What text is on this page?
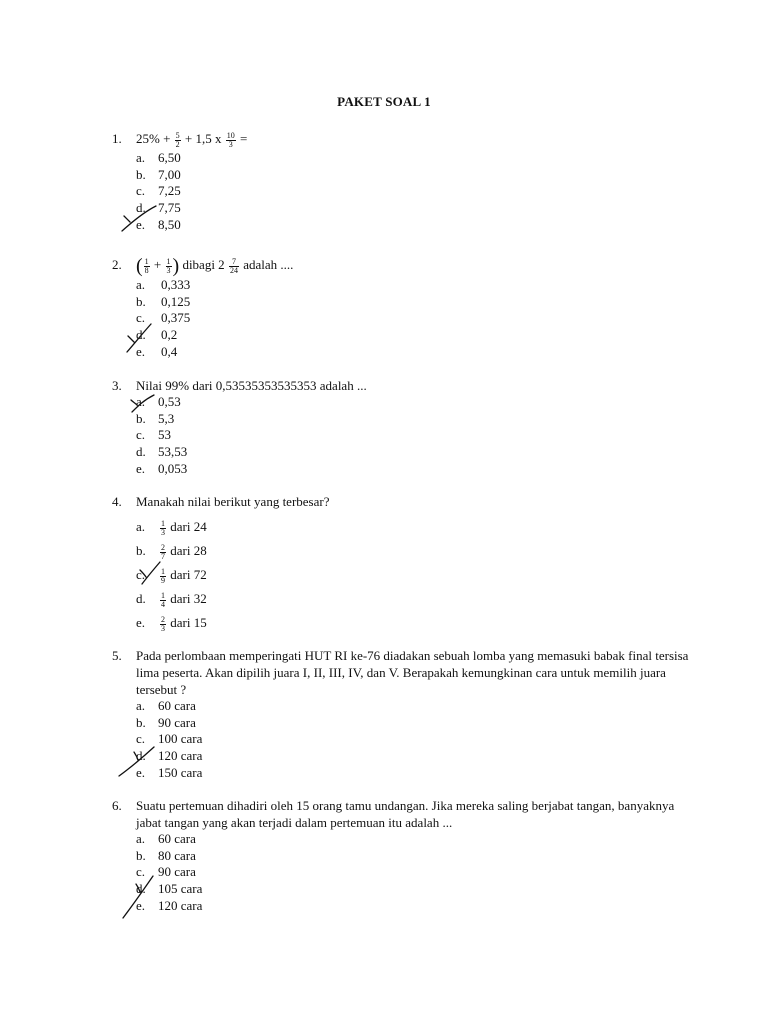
PAKET SOAL 1
1.	$25\% + \frac{5}{2} + 1,5$ x $\frac{10}{3}$ =
a. 6,50
b. 7,00
c. 7,25
d. 7,75
e. 8,50
2. ( $\frac{1}{8} + \frac{1}{3}$ ) dibagi $2 \frac{7}{24}$ adalah ....
a. 0,333
b. 0,125
c. 0,375
d. 0,2
e. 0,4
3.	Nilai 99% dari 0,53535353535353 adalah ...
a. 0,53
b. 5,3
c. 53
d. 53,53
e. 0,053
4.	Manakah nilai berikut yang terbesar?
a. $\frac{1}{3}$ dari 24
b. $\frac{2}{7}$ dari 28
c. $\frac{1}{9}$ dari 72
d. $\frac{1}{4}$ dari 32
e. $\frac{2}{3}$ dari 15
5.	Pada perlombaan memperingati HUT RI ke-76 diadakan sebuah lomba yang memasuki babak final tersisa lima peserta. Akan dipilih juara I, II, III, IV, dan V. Berapakah kemungkinan cara untuk memilih juara tersebut ?
a. 60 cara
b. 90 cara
c. 100 cara
d. 120 cara
e. 150 cara
6.	Suatu pertemuan dihadiri oleh 15 orang tamu undangan. Jika mereka saling berjabat tangan, banyaknya jabat tangan yang akan terjadi dalam pertemuan itu adalah ...
a. 60 cara
b. 80 cara
c. 90 cara
d. 105 cara
e. 120 cara
